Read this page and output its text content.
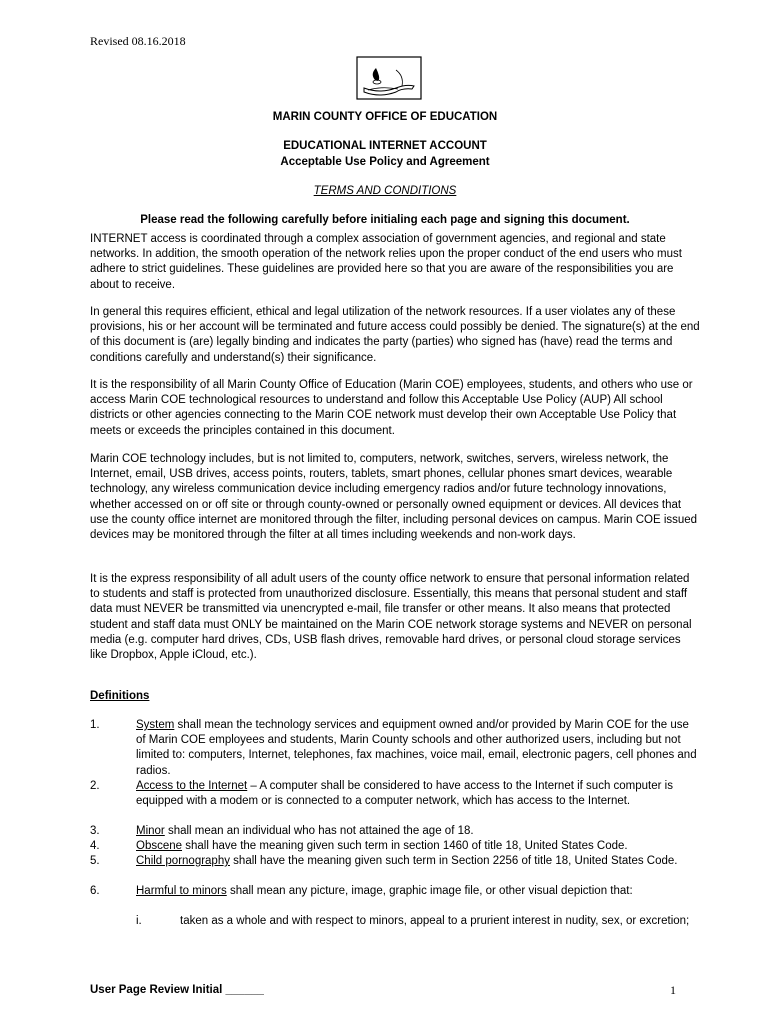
Revised 08.16.2018
MARIN COUNTY OFFICE OF EDUCATION
EDUCATIONAL INTERNET ACCOUNT
Acceptable Use Policy and Agreement
TERMS AND CONDITIONS
Please read the following carefully before initialing each page and signing this document.

INTERNET access is coordinated through a complex association of government agencies, and regional and state networks. In addition, the smooth operation of the network relies upon the proper conduct of the end users who must adhere to strict guidelines. These guidelines are provided here so that you are aware of the responsibilities you are about to receive.

In general this requires efficient, ethical and legal utilization of the network resources. If a user violates any of these provisions, his or her account will be terminated and future access could possibly be denied. The signature(s) at the end of this document is (are) legally binding and indicates the party (parties) who signed has (have) read the terms and conditions carefully and understand(s) their significance.

It is the responsibility of all Marin County Office of Education (Marin COE) employees, students, and others who use or access Marin COE technological resources to understand and follow this Acceptable Use Policy (AUP) All school districts or other agencies connecting to the Marin COE network must develop their own Acceptable Use Policy that meets or exceeds the principles contained in this document.

Marin COE technology includes, but is not limited to, computers, network, switches, servers, wireless network, the Internet, email, USB drives, access points, routers, tablets, smart phones, cellular phones smart devices, wearable technology, any wireless communication device including emergency radios and/or future technology innovations, whether accessed on or off site or through county-owned or personally owned equipment or devices. All devices that use the county office internet are monitored through the filter, including personal devices on campus. Marin COE issued devices may be monitored through the filter at all times including weekends and non-work days.

It is the express responsibility of all adult users of the county office network to ensure that personal information related to students and staff is protected from unauthorized disclosure. Essentially, this means that personal student and staff data must NEVER be transmitted via unencrypted e-mail, file transfer or other means. It also means that protected student and staff data must ONLY be maintained on the Marin COE network storage systems and NEVER on personal media (e.g. computer hard drives, CDs, USB flash drives, removable hard drives, or personal cloud storage services like Dropbox, Apple iCloud, etc.).

Definitions
1.	System shall mean the technology services and equipment owned and/or provided by Marin COE for the use of Marin COE employees and students, Marin County schools and other authorized users, including but not limited to: computers, Internet, telephones, fax machines, voice mail, email, electronic pagers, cell phones and radios.
2.	Access to the Internet – A computer shall be considered to have access to the Internet if such computer is equipped with a modem or is connected to a computer network, which has access to the Internet.
3.	Minor shall mean an individual who has not attained the age of 18.
4.	Obscene shall have the meaning given such term in section 1460 of title 18, United States Code.
5.	Child pornography shall have the meaning given such term in Section 2256 of title 18, United States Code.
6.	Harmful to minors shall mean any picture, image, graphic image file, or other visual depiction that:
i.	taken as a whole and with respect to minors, appeal to a prurient interest in nudity, sex, or excretion;
User Page Review Initial ______	1
